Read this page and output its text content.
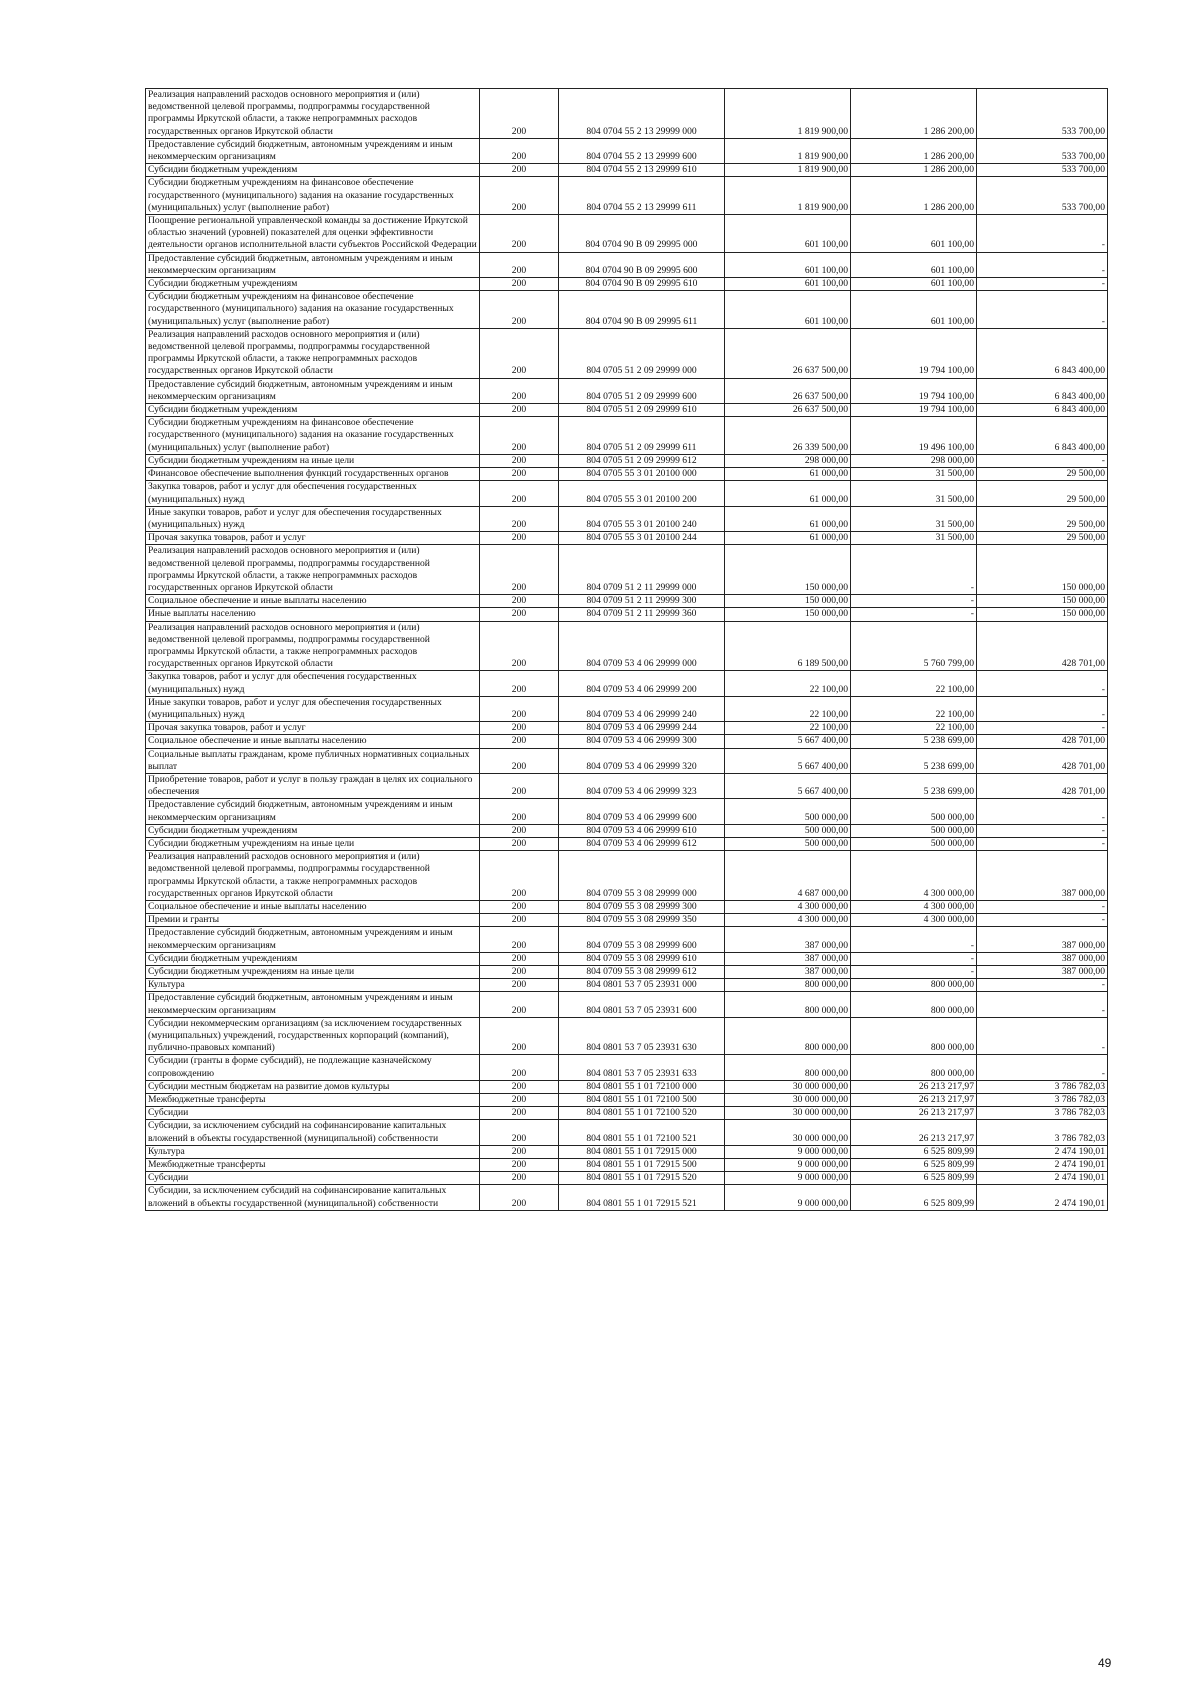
Реализация направлений расходов основного мероприятия и (или) ведомственной целевой программы, подпрограммы государственной программы Иркутской области, а также непрограммных расходов государственных органов Иркутской области	200	804 0704 55 2 13 29999 000	1 819 900,00	1 286 200,00	533 700,00
Предоставление субсидий бюджетным, автономным учреждениям и иным некоммерческим организациям	200	804 0704 55 2 13 29999 600	1 819 900,00	1 286 200,00	533 700,00
Субсидии бюджетным учреждениям	200	804 0704 55 2 13 29999 610	1 819 900,00	1 286 200,00	533 700,00
Субсидии бюджетным учреждениям на финансовое обеспечение государственного (муниципального) задания на оказание государственных (муниципальных) услуг (выполнение работ)	200	804 0704 55 2 13 29999 611	1 819 900,00	1 286 200,00	533 700,00
Поощрение региональной управленческой команды за достижение Иркутской областью значений (уровней) показателей для оценки эффективности деятельности органов исполнительной власти субъектов Российской Федерации	200	804 0704 90 В 09 29995 000	601 100,00	601 100,00	-
Предоставление субсидий бюджетным, автономным учреждениям и иным некоммерческим организациям	200	804 0704 90 В 09 29995 600	601 100,00	601 100,00	-
Субсидии бюджетным учреждениям	200	804 0704 90 В 09 29995 610	601 100,00	601 100,00	-
Субсидии бюджетным учреждениям на финансовое обеспечение государственного (муниципального) задания на оказание государственных (муниципальных) услуг (выполнение работ)	200	804 0704 90 В 09 29995 611	601 100,00	601 100,00	-
Реализация направлений расходов основного мероприятия и (или) ведомственной целевой программы, подпрограммы государственной программы Иркутской области, а также непрограммных расходов государственных органов Иркутской области	200	804 0705 51 2 09 29999 000	26 637 500,00	19 794 100,00	6 843 400,00
Предоставление субсидий бюджетным, автономным учреждениям и иным некоммерческим организациям	200	804 0705 51 2 09 29999 600	26 637 500,00	19 794 100,00	6 843 400,00
Субсидии бюджетным учреждениям	200	804 0705 51 2 09 29999 610	26 637 500,00	19 794 100,00	6 843 400,00
Субсидии бюджетным учреждениям на финансовое обеспечение государственного (муниципального) задания на оказание государственных (муниципальных) услуг (выполнение работ)	200	804 0705 51 2 09 29999 611	26 339 500,00	19 496 100,00	6 843 400,00
Субсидии бюджетным учреждениям на иные цели	200	804 0705 51 2 09 29999 612	298 000,00	298 000,00	-
Финансовое обеспечение выполнения функций государственных органов	200	804 0705 55 3 01 20100 000	61 000,00	31 500,00	29 500,00
Закупка товаров, работ и услуг для обеспечения государственных (муниципальных) нужд	200	804 0705 55 3 01 20100 200	61 000,00	31 500,00	29 500,00
Иные закупки товаров, работ и услуг для обеспечения государственных (муниципальных) нужд	200	804 0705 55 3 01 20100 240	61 000,00	31 500,00	29 500,00
Прочая закупка товаров, работ и услуг	200	804 0705 55 3 01 20100 244	61 000,00	31 500,00	29 500,00
Реализация направлений расходов основного мероприятия и (или) ведомственной целевой программы, подпрограммы государственной программы Иркутской области, а также непрограммных расходов государственных органов Иркутской области	200	804 0709 51 2 11 29999 000	150 000,00	-	150 000,00
Социальное обеспечение и иные выплаты населению	200	804 0709 51 2 11 29999 300	150 000,00	-	150 000,00
Иные выплаты населению	200	804 0709 51 2 11 29999 360	150 000,00	-	150 000,00
Реализация направлений расходов основного мероприятия и (или) ведомственной целевой программы, подпрограммы государственной программы Иркутской области, а также непрограммных расходов государственных органов Иркутской области	200	804 0709 53 4 06 29999 000	6 189 500,00	5 760 799,00	428 701,00
Закупка товаров, работ и услуг для обеспечения государственных (муниципальных) нужд	200	804 0709 53 4 06 29999 200	22 100,00	22 100,00	-
Иные закупки товаров, работ и услуг для обеспечения государственных (муниципальных) нужд	200	804 0709 53 4 06 29999 240	22 100,00	22 100,00	-
Прочая закупка товаров, работ и услуг	200	804 0709 53 4 06 29999 244	22 100,00	22 100,00	-
Социальное обеспечение и иные выплаты населению	200	804 0709 53 4 06 29999 300	5 667 400,00	5 238 699,00	428 701,00
Социальные выплаты гражданам, кроме публичных нормативных социальных выплат	200	804 0709 53 4 06 29999 320	5 667 400,00	5 238 699,00	428 701,00
Приобретение товаров, работ и услуг в пользу граждан в целях их социального обеспечения	200	804 0709 53 4 06 29999 323	5 667 400,00	5 238 699,00	428 701,00
Предоставление субсидий бюджетным, автономным учреждениям и иным некоммерческим организациям	200	804 0709 53 4 06 29999 600	500 000,00	500 000,00	-
Субсидии бюджетным учреждениям	200	804 0709 53 4 06 29999 610	500 000,00	500 000,00	-
Субсидии бюджетным учреждениям на иные цели	200	804 0709 53 4 06 29999 612	500 000,00	500 000,00	-
Реализация направлений расходов основного мероприятия и (или) ведомственной целевой программы, подпрограммы государственной программы Иркутской области, а также непрограммных расходов государственных органов Иркутской области	200	804 0709 55 3 08 29999 000	4 687 000,00	4 300 000,00	387 000,00
Социальное обеспечение и иные выплаты населению	200	804 0709 55 3 08 29999 300	4 300 000,00	4 300 000,00	-
Премии и гранты	200	804 0709 55 3 08 29999 350	4 300 000,00	4 300 000,00	-
Предоставление субсидий бюджетным, автономным учреждениям и иным некоммерческим организациям	200	804 0709 55 3 08 29999 600	387 000,00	-	387 000,00
Субсидии бюджетным учреждениям	200	804 0709 55 3 08 29999 610	387 000,00	-	387 000,00
Субсидии бюджетным учреждениям на иные цели	200	804 0709 55 3 08 29999 612	387 000,00	-	387 000,00
Культура	200	804 0801 53 7 05 23931 000	800 000,00	800 000,00	-
Предоставление субсидий бюджетным, автономным учреждениям и иным некоммерческим организациям	200	804 0801 53 7 05 23931 600	800 000,00	800 000,00	-
Субсидии некоммерческим организациям (за исключением государственных (муниципальных) учреждений, государственных корпораций (компаний), публично-правовых компаний)	200	804 0801 53 7 05 23931 630	800 000,00	800 000,00	-
Субсидии (гранты в форме субсидий), не подлежащие казначейскому сопровождению	200	804 0801 53 7 05 23931 633	800 000,00	800 000,00	-
Субсидии местным бюджетам на развитие домов культуры	200	804 0801 55 1 01 72100 000	30 000 000,00	26 213 217,97	3 786 782,03
Межбюджетные трансферты	200	804 0801 55 1 01 72100 500	30 000 000,00	26 213 217,97	3 786 782,03
Субсидии	200	804 0801 55 1 01 72100 520	30 000 000,00	26 213 217,97	3 786 782,03
Субсидии, за исключением субсидий на софинансирование капитальных вложений в объекты государственной (муниципальной) собственности	200	804 0801 55 1 01 72100 521	30 000 000,00	26 213 217,97	3 786 782,03
Культура	200	804 0801 55 1 01 72915 000	9 000 000,00	6 525 809,99	2 474 190,01
Межбюджетные трансферты	200	804 0801 55 1 01 72915 500	9 000 000,00	6 525 809,99	2 474 190,01
Субсидии	200	804 0801 55 1 01 72915 520	9 000 000,00	6 525 809,99	2 474 190,01
Субсидии, за исключением субсидий на софинансирование капитальных вложений в объекты государственной (муниципальной) собственности	200	804 0801 55 1 01 72915 521	9 000 000,00	6 525 809,99	2 474 190,01
49
